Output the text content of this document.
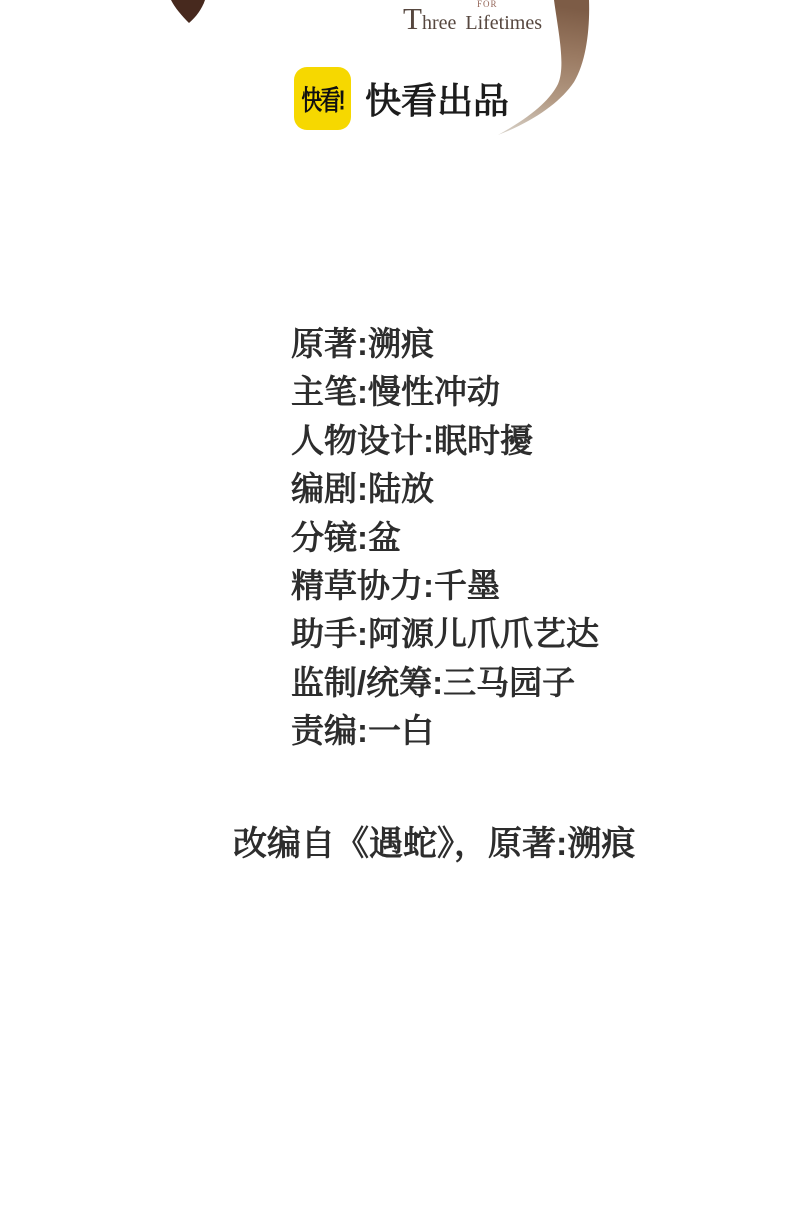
FOR
Three Lifetimes
快看! 快看出品
原著:溯痕
主笔:慢性冲动
人物设计:眠时擾
编剧:陆放
分镜:盆
精草协力:千墨
助手:阿源儿爪爪艺达
监制/统筹:三马园子
责编:一白
改编自《遇蛇》，原著:溯痕
